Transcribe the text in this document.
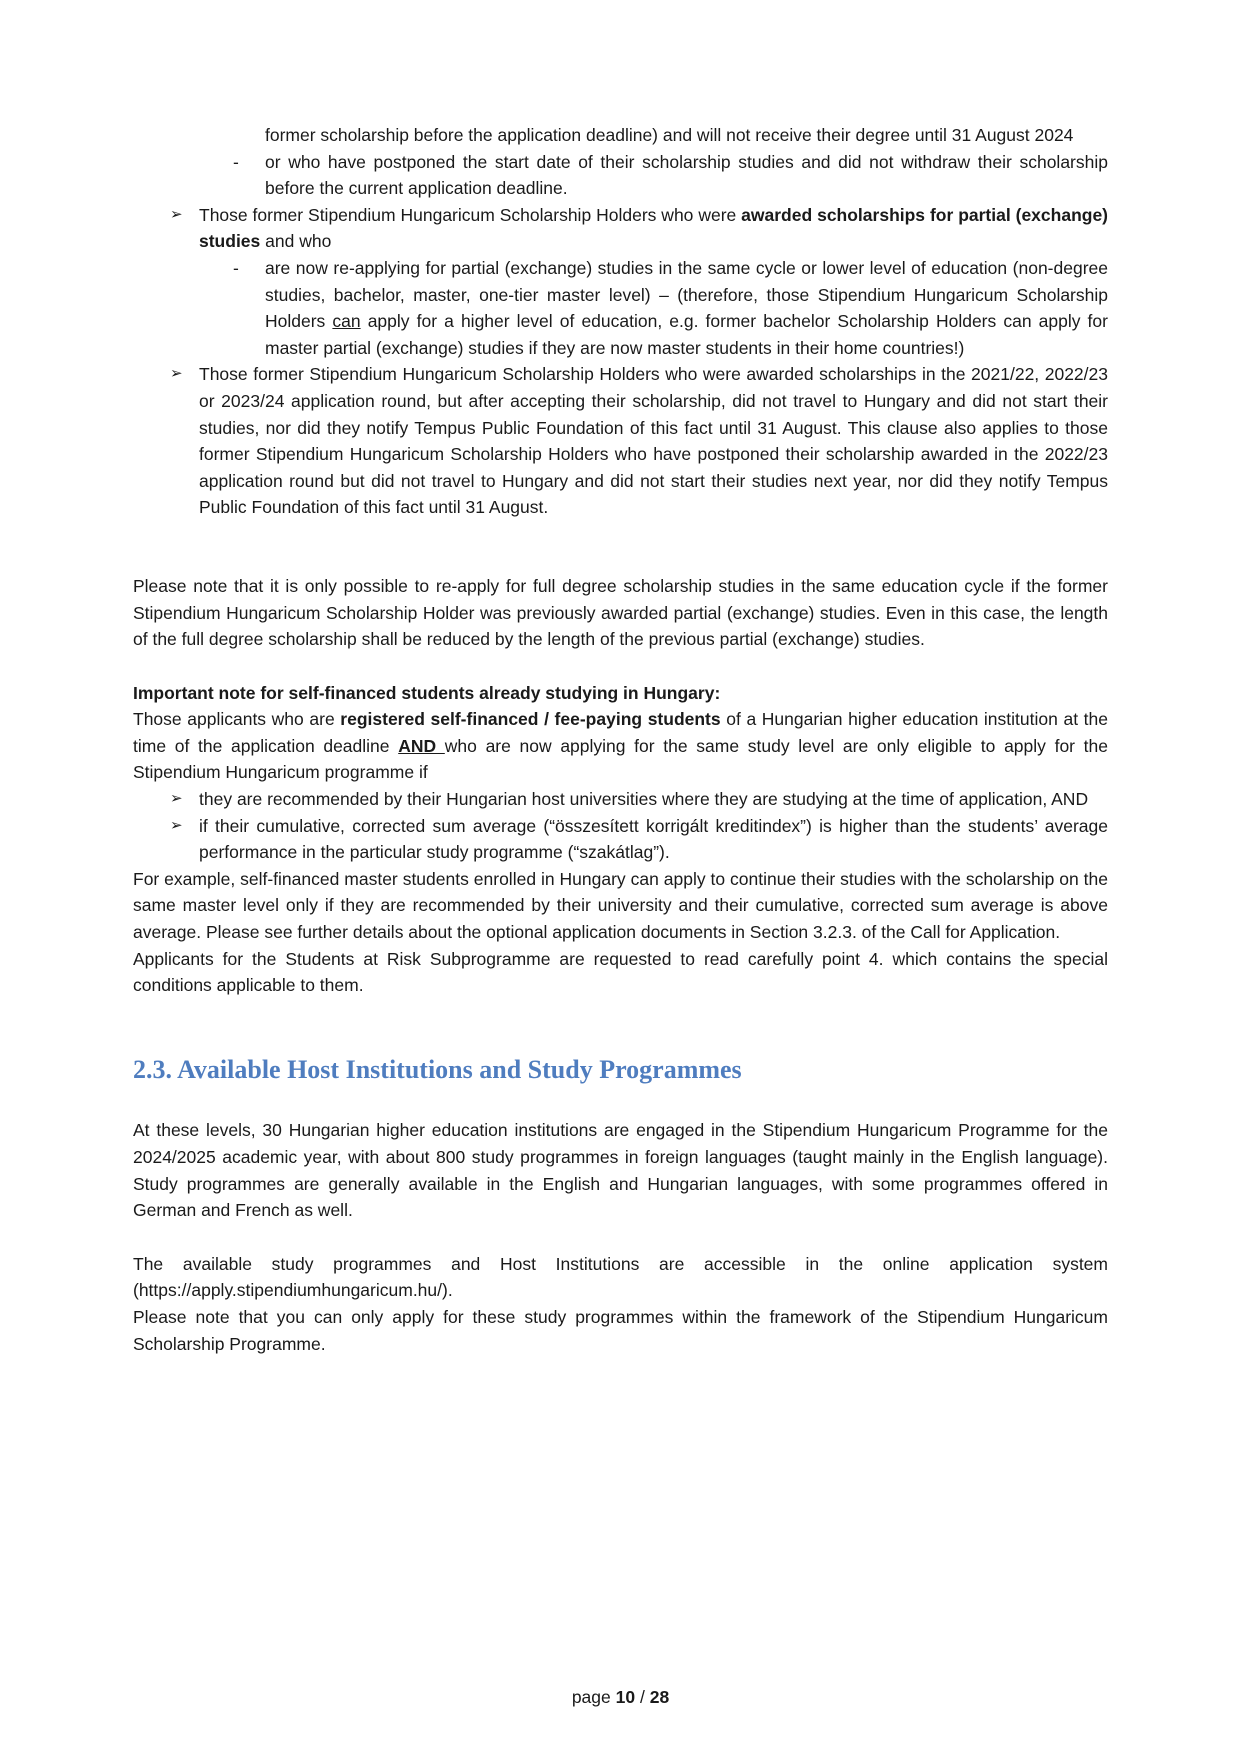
former scholarship before the application deadline) and will not receive their degree until 31 August 2024

-	or who have postponed the start date of their scholarship studies and did not withdraw their scholarship before the current application deadline.

➢ Those former Stipendium Hungaricum Scholarship Holders who were awarded scholarships for partial (exchange) studies and who

-	are now re-applying for partial (exchange) studies in the same cycle or lower level of education (non-degree studies, bachelor, master, one-tier master level) – (therefore, those Stipendium Hungaricum Scholarship Holders can apply for a higher level of education, e.g. former bachelor Scholarship Holders can apply for master partial (exchange) studies if they are now master students in their home countries!)

➢ Those former Stipendium Hungaricum Scholarship Holders who were awarded scholarships in the 2021/22, 2022/23 or 2023/24 application round, but after accepting their scholarship, did not travel to Hungary and did not start their studies, nor did they notify Tempus Public Foundation of this fact until 31 August. This clause also applies to those former Stipendium Hungaricum Scholarship Holders who have postponed their scholarship awarded in the 2022/23 application round but did not travel to Hungary and did not start their studies next year, nor did they notify Tempus Public Foundation of this fact until 31 August.

Please note that it is only possible to re-apply for full degree scholarship studies in the same education cycle if the former Stipendium Hungaricum Scholarship Holder was previously awarded partial (exchange) studies. Even in this case, the length of the full degree scholarship shall be reduced by the length of the previous partial (exchange) studies.

Important note for self-financed students already studying in Hungary:

Those applicants who are registered self-financed / fee-paying students of a Hungarian higher education institution at the time of the application deadline AND who are now applying for the same study level are only eligible to apply for the Stipendium Hungaricum programme if

➢ they are recommended by their Hungarian host universities where they are studying at the time of application, AND

➢ if their cumulative, corrected sum average (“összesített korrigált kreditindex”) is higher than the students’ average performance in the particular study programme (“szakátlag”).

For example, self-financed master students enrolled in Hungary can apply to continue their studies with the scholarship on the same master level only if they are recommended by their university and their cumulative, corrected sum average is above average. Please see further details about the optional application documents in Section 3.2.3. of the Call for Application.

Applicants for the Students at Risk Subprogramme are requested to read carefully point 4. which contains the special conditions applicable to them.

2.3. Available Host Institutions and Study Programmes

At these levels, 30 Hungarian higher education institutions are engaged in the Stipendium Hungaricum Programme for the 2024/2025 academic year, with about 800 study programmes in foreign languages (taught mainly in the English language). Study programmes are generally available in the English and Hungarian languages, with some programmes offered in German and French as well.

The available study programmes and Host Institutions are accessible in the online application system (https://apply.stipendiumhungaricum.hu/).

Please note that you can only apply for these study programmes within the framework of the Stipendium Hungaricum Scholarship Programme.

page 10 / 28
